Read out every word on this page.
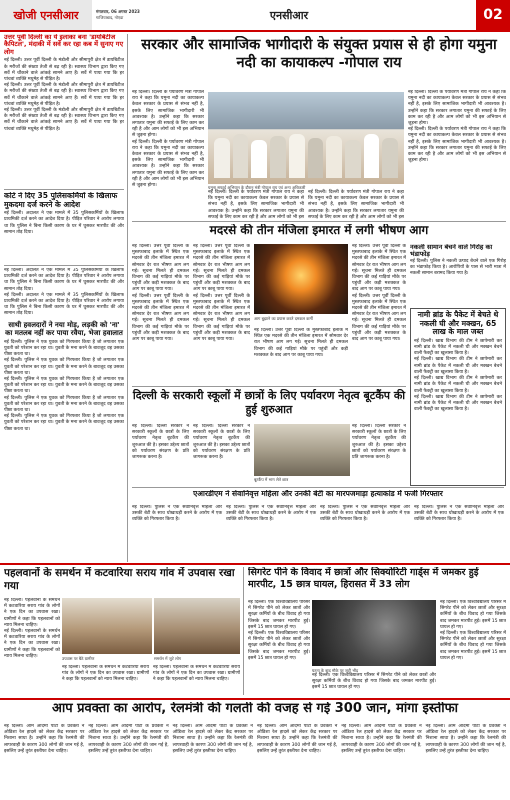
खोजी एनसीआर	मंगलवार, 06 अगस्त 2023
गाजियाबाद, नोएडा	एनसीआर	02
उत्तर पूर्वी दिल्ली का ये इलाका बना 'डायबिटीज कैपिटल', मंदाकी में सर्वे कर रहा कब में सुनाए गए लोग
नई दिल्ली। उत्तर पूर्वी दिल्ली के मंडोली और सीमापुरी क्षेत्र में डायबिटीज के मरीजों की संख्या तेजी से बढ़ रही है। स्वास्थ्य विभाग द्वारा किए गए सर्वे में चौंकाने वाले आंकड़े सामने आए हैं। सर्वे में पाया गया कि हर पांचवां व्यक्ति मधुमेह से पीड़ित है।
नई दिल्ली। उत्तर पूर्वी दिल्ली के मंडोली और सीमापुरी क्षेत्र में डायबिटीज के मरीजों की संख्या तेजी से बढ़ रही है। स्वास्थ्य विभाग द्वारा किए गए सर्वे में चौंकाने वाले आंकड़े सामने आए हैं। सर्वे में पाया गया कि हर पांचवां व्यक्ति मधुमेह से पीड़ित है।
नई दिल्ली। उत्तर पूर्वी दिल्ली के मंडोली और सीमापुरी क्षेत्र में डायबिटीज के मरीजों की संख्या तेजी से बढ़ रही है। स्वास्थ्य विभाग द्वारा किए गए सर्वे में चौंकाने वाले आंकड़े सामने आए हैं। सर्वे में पाया गया कि हर पांचवां व्यक्ति मधुमेह से पीड़ित है।
कोर्ट ने दिए 35 पुलिसकर्मियों के खिलाफ मुकदमा दर्ज करने के आदेश
नई दिल्ली। अदालत ने एक मामले में 35 पुलिसकर्मियों के खिलाफ प्राथमिकी दर्ज करने का आदेश दिया है। पीड़ित परिवार ने आरोप लगाया था कि पुलिस ने बिना किसी कारण के घर में घुसकर मारपीट की और सामान तोड़ दिया।
नई दिल्ली। अदालत ने एक मामले में 35 पुलिसकर्मियों के खिलाफ प्राथमिकी दर्ज करने का आदेश दिया है। पीड़ित परिवार ने आरोप लगाया था कि पुलिस ने बिना किसी कारण के घर में घुसकर मारपीट की और सामान तोड़ दिया।
नई दिल्ली। अदालत ने एक मामले में 35 पुलिसकर्मियों के खिलाफ प्राथमिकी दर्ज करने का आदेश दिया है। पीड़ित परिवार ने आरोप लगाया था कि पुलिस ने बिना किसी कारण के घर में घुसकर मारपीट की और सामान तोड़ दिया।
साथी हवलदारों ने नया मोड़, लड़की को 'ना' का मतलब नहीं कर पाया रवैया, भेजा हवालात
नई दिल्ली। पुलिस ने एक युवक को गिरफ्तार किया है जो लगातार एक युवती को परेशान कर रहा था। युवती के मना करने के बावजूद वह उसका पीछा करता था।
नई दिल्ली। पुलिस ने एक युवक को गिरफ्तार किया है जो लगातार एक युवती को परेशान कर रहा था। युवती के मना करने के बावजूद वह उसका पीछा करता था।
नई दिल्ली। पुलिस ने एक युवक को गिरफ्तार किया है जो लगातार एक युवती को परेशान कर रहा था। युवती के मना करने के बावजूद वह उसका पीछा करता था।
नई दिल्ली। पुलिस ने एक युवक को गिरफ्तार किया है जो लगातार एक युवती को परेशान कर रहा था। युवती के मना करने के बावजूद वह उसका पीछा करता था।
नई दिल्ली। पुलिस ने एक युवक को गिरफ्तार किया है जो लगातार एक युवती को परेशान कर रहा था। युवती के मना करने के बावजूद वह उसका पीछा करता था।
सरकार और सामाजिक भागीदारी के संयुक्त प्रयास से ही होगा यमुना नदी का कायाकल्प -गोपाल राय
नई दिल्ली। दिल्ली के पर्यावरण मंत्री गोपाल राय ने कहा कि यमुना नदी का कायाकल्प केवल सरकार के प्रयास से संभव नहीं है, इसके लिए सामाजिक भागीदारी भी आवश्यक है। उन्होंने कहा कि सरकार लगातार यमुना की सफाई के लिए काम कर रही है और आम लोगों को भी इस अभियान से जुड़ना होगा।
नई दिल्ली। दिल्ली के पर्यावरण मंत्री गोपाल राय ने कहा कि यमुना नदी का कायाकल्प केवल सरकार के प्रयास से संभव नहीं है, इसके लिए सामाजिक भागीदारी भी आवश्यक है। उन्होंने कहा कि सरकार लगातार यमुना की सफाई के लिए काम कर रही है और आम लोगों को भी इस अभियान से जुड़ना होगा।	यमुना सफाई अभियान के दौरान मंत्री गोपाल राय एवं अन्य अधिकारी
नई दिल्ली। दिल्ली के पर्यावरण मंत्री गोपाल राय ने कहा कि यमुना नदी का कायाकल्प केवल सरकार के प्रयास से संभव नहीं है, इसके लिए सामाजिक भागीदारी भी आवश्यक है। उन्होंने कहा कि सरकार लगातार यमुना की सफाई के लिए काम कर रही है और आम लोगों को भी इस
नई दिल्ली। दिल्ली के पर्यावरण मंत्री गोपाल राय ने कहा कि यमुना नदी का कायाकल्प केवल सरकार के प्रयास से संभव नहीं है, इसके लिए सामाजिक भागीदारी भी आवश्यक है। उन्होंने कहा कि सरकार लगातार यमुना की सफाई के लिए काम कर रही है और आम लोगों को भी इस
नई दिल्ली। दिल्ली के पर्यावरण मंत्री गोपाल राय ने कहा कि यमुना नदी का कायाकल्प केवल सरकार के प्रयास से संभव नहीं है, इसके लिए सामाजिक भागीदारी भी आवश्यक है। उन्होंने कहा कि सरकार लगातार यमुना की सफाई के लिए काम कर रही है और आम लोगों को भी इस अभियान से जुड़ना होगा।
नई दिल्ली। दिल्ली के पर्यावरण मंत्री गोपाल राय ने कहा कि यमुना नदी का कायाकल्प केवल सरकार के प्रयास से संभव नहीं है, इसके लिए सामाजिक भागीदारी भी आवश्यक है। उन्होंने कहा कि सरकार लगातार यमुना की सफाई के लिए काम कर रही है और आम लोगों को भी इस अभियान से जुड़ना होगा।
मदरसे की तीन मंजिला इमारत में लगी भीषण आग
नई दिल्ली। उत्तर पूर्वी दिल्ली के मुस्तफाबाद इलाके में स्थित एक मदरसे की तीन मंजिला इमारत में सोमवार देर रात भीषण आग लग गई। सूचना मिलते ही दमकल विभाग की कई गाड़ियां मौके पर पहुंचीं और कड़ी मशक्कत के बाद आग पर काबू पाया गया।
नई दिल्ली। उत्तर पूर्वी दिल्ली के मुस्तफाबाद इलाके में स्थित एक मदरसे की तीन मंजिला इमारत में सोमवार देर रात भीषण आग लग गई। सूचना मिलते ही दमकल विभाग की कई गाड़ियां मौके पर पहुंचीं और कड़ी मशक्कत के बाद आग पर काबू पाया गया।
नई दिल्ली। उत्तर पूर्वी दिल्ली के मुस्तफाबाद इलाके में स्थित एक मदरसे की तीन मंजिला इमारत में सोमवार देर रात भीषण आग लग गई। सूचना मिलते ही दमकल विभाग की कई गाड़ियां मौके पर पहुंचीं और कड़ी मशक्कत के बाद आग पर काबू पाया गया।
नई दिल्ली। उत्तर पूर्वी दिल्ली के मुस्तफाबाद इलाके में स्थित एक मदरसे की तीन मंजिला इमारत में सोमवार देर रात भीषण आग लग गई। सूचना मिलते ही दमकल विभाग की कई गाड़ियां मौके पर पहुंचीं और कड़ी मशक्कत के बाद आग पर काबू पाया गया।
आग बुझाने का प्रयास करते दमकल कर्मी
नई दिल्ली। उत्तर पूर्वी दिल्ली के मुस्तफाबाद इलाके में स्थित एक मदरसे की तीन मंजिला इमारत में सोमवार देर रात भीषण आग लग गई। सूचना मिलते ही दमकल विभाग की कई गाड़ियां मौके पर पहुंचीं और कड़ी मशक्कत के बाद आग पर काबू पाया गया।
नई दिल्ली। उत्तर पूर्वी दिल्ली के मुस्तफाबाद इलाके में स्थित एक मदरसे की तीन मंजिला इमारत में सोमवार देर रात भीषण आग लग गई। सूचना मिलते ही दमकल विभाग की कई गाड़ियां मौके पर पहुंचीं और कड़ी मशक्कत के बाद आग पर काबू पाया गया।
नई दिल्ली। उत्तर पूर्वी दिल्ली के मुस्तफाबाद इलाके में स्थित एक मदरसे की तीन मंजिला इमारत में सोमवार देर रात भीषण आग लग गई। सूचना मिलते ही दमकल विभाग की कई गाड़ियां मौके पर पहुंचीं और कड़ी मशक्कत के बाद आग पर काबू पाया गया।
नकली सामान बेचने वाले गिरोह का भंडाफोड़
नई दिल्ली। पुलिस ने नकली उत्पाद बेचने वाले एक गिरोह का भंडाफोड़ किया है। आरोपियों के पास से भारी मात्रा में नकली सामान बरामद किया गया है।
नामी ब्रांड के पैकेट में बेचते थे नकली घी और मक्खन, 65 लाख के माल जब्त
नई दिल्ली। खाद्य विभाग की टीम ने छापेमारी कर नामी ब्रांड के पैकेट में नकली घी और मक्खन बेचने वाली फैक्ट्री का खुलासा किया है।
नई दिल्ली। खाद्य विभाग की टीम ने छापेमारी कर नामी ब्रांड के पैकेट में नकली घी और मक्खन बेचने वाली फैक्ट्री का खुलासा किया है।
नई दिल्ली। खाद्य विभाग की टीम ने छापेमारी कर नामी ब्रांड के पैकेट में नकली घी और मक्खन बेचने वाली फैक्ट्री का खुलासा किया है।
नई दिल्ली। खाद्य विभाग की टीम ने छापेमारी कर नामी ब्रांड के पैकेट में नकली घी और मक्खन बेचने वाली फैक्ट्री का खुलासा किया है।
दिल्ली के सरकारी स्कूलों में छात्रों के लिए पर्यावरण नेतृत्व बूटकैंप की हुई शुरुआत
नई दिल्ली। दिल्ली सरकार ने सरकारी स्कूलों के छात्रों के लिए पर्यावरण नेतृत्व बूटकैंप की शुरुआत की है। इसका उद्देश्य छात्रों को पर्यावरण संरक्षण के प्रति जागरूक करना है।
नई दिल्ली। दिल्ली सरकार ने सरकारी स्कूलों के छात्रों के लिए पर्यावरण नेतृत्व बूटकैंप की शुरुआत की है। इसका उद्देश्य छात्रों को पर्यावरण संरक्षण के प्रति जागरूक करना है।
बूटकैंप में भाग लेते छात्र
नई दिल्ली। दिल्ली सरकार ने सरकारी स्कूलों के छात्रों के लिए पर्यावरण नेतृत्व बूटकैंप की शुरुआत की है। इसका उद्देश्य छात्रों को पर्यावरण संरक्षण के प्रति जागरूक करना है।
एआरडीएम ने सेवानिवृत्त महिला और उनकी बेटी का मारपजमाड़ा हत्याकांड में फर्जी गिरफ्तार
नई दिल्ली। पुलिस ने एक सेवानिवृत्त महिला और उसकी बेटी के साथ धोखाधड़ी करने के आरोप में एक व्यक्ति को गिरफ्तार किया है।
नई दिल्ली। पुलिस ने एक सेवानिवृत्त महिला और उसकी बेटी के साथ धोखाधड़ी करने के आरोप में एक व्यक्ति को गिरफ्तार किया है।
नई दिल्ली। पुलिस ने एक सेवानिवृत्त महिला और उसकी बेटी के साथ धोखाधड़ी करने के आरोप में एक व्यक्ति को गिरफ्तार किया है।
नई दिल्ली। पुलिस ने एक सेवानिवृत्त महिला और उसकी बेटी के साथ धोखाधड़ी करने के आरोप में एक व्यक्ति को गिरफ्तार किया है।
पहलवानों के समर्थन में कटवारिया सराय गांव में उपवास रखा गया
नई दिल्ली। पहलवानों के समर्थन में कटवारिया सराय गांव के लोगों ने एक दिन का उपवास रखा। ग्रामीणों ने कहा कि पहलवानों को न्याय मिलना चाहिए।
नई दिल्ली। पहलवानों के समर्थन में कटवारिया सराय गांव के लोगों ने एक दिन का उपवास रखा। ग्रामीणों ने कहा कि पहलवानों को न्याय मिलना चाहिए।	उपवास पर बैठे ग्रामीण	समर्थन में जुटे लोग
नई दिल्ली। पहलवानों के समर्थन में कटवारिया सराय गांव के लोगों ने एक दिन का उपवास रखा। ग्रामीणों ने कहा कि पहलवानों को न्याय मिलना चाहिए।
नई दिल्ली। पहलवानों के समर्थन में कटवारिया सराय गांव के लोगों ने एक दिन का उपवास रखा। ग्रामीणों ने कहा कि पहलवानों को न्याय मिलना चाहिए।
सिगरेट पीने के विवाद में छात्रों और सिक्योरिटी गार्ड्स में जमकर हुई मारपीट, 15 छात्र घायल, हिरासत में 33 लोग
नई दिल्ली। एक विश्वविद्यालय परिसर में सिगरेट पीने को लेकर छात्रों और सुरक्षा कर्मियों के बीच विवाद हो गया जिसके बाद जमकर मारपीट हुई। इसमें 15 छात्र घायल हो गए।
नई दिल्ली। एक विश्वविद्यालय परिसर में सिगरेट पीने को लेकर छात्रों और सुरक्षा कर्मियों के बीच विवाद हो गया जिसके बाद जमकर मारपीट हुई। इसमें 15 छात्र घायल हो गए।
घटना के बाद मौके पर जुटी भीड़
नई दिल्ली। एक विश्वविद्यालय परिसर में सिगरेट पीने को लेकर छात्रों और सुरक्षा कर्मियों के बीच विवाद हो गया जिसके बाद जमकर मारपीट हुई। इसमें 15 छात्र घायल हो गए।
नई दिल्ली। एक विश्वविद्यालय परिसर में सिगरेट पीने को लेकर छात्रों और सुरक्षा कर्मियों के बीच विवाद हो गया जिसके बाद जमकर मारपीट हुई। इसमें 15 छात्र घायल हो गए।
नई दिल्ली। एक विश्वविद्यालय परिसर में सिगरेट पीने को लेकर छात्रों और सुरक्षा कर्मियों के बीच विवाद हो गया जिसके बाद जमकर मारपीट हुई। इसमें 15 छात्र घायल हो गए।
आप प्रवक्ता का आरोप, रेलमंत्री की गलती की वजह से गई 300 जान, मांगा इस्तीफा
नई दिल्ली। आम आदमी पार्टी के प्रवक्ता ने ओडिशा रेल हादसे को लेकर केंद्र सरकार पर निशाना साधा है। उन्होंने कहा कि रेलमंत्री की लापरवाही के कारण 300 लोगों की जान गई है, इसलिए उन्हें तुरंत इस्तीफा देना चाहिए।
नई दिल्ली। आम आदमी पार्टी के प्रवक्ता ने ओडिशा रेल हादसे को लेकर केंद्र सरकार पर निशाना साधा है। उन्होंने कहा कि रेलमंत्री की लापरवाही के कारण 300 लोगों की जान गई है, इसलिए उन्हें तुरंत इस्तीफा देना चाहिए।
नई दिल्ली। आम आदमी पार्टी के प्रवक्ता ने ओडिशा रेल हादसे को लेकर केंद्र सरकार पर निशाना साधा है। उन्होंने कहा कि रेलमंत्री की लापरवाही के कारण 300 लोगों की जान गई है, इसलिए उन्हें तुरंत इस्तीफा देना चाहिए।
नई दिल्ली। आम आदमी पार्टी के प्रवक्ता ने ओडिशा रेल हादसे को लेकर केंद्र सरकार पर निशाना साधा है। उन्होंने कहा कि रेलमंत्री की लापरवाही के कारण 300 लोगों की जान गई है, इसलिए उन्हें तुरंत इस्तीफा देना चाहिए।
नई दिल्ली। आम आदमी पार्टी के प्रवक्ता ने ओडिशा रेल हादसे को लेकर केंद्र सरकार पर निशाना साधा है। उन्होंने कहा कि रेलमंत्री की लापरवाही के कारण 300 लोगों की जान गई है, इसलिए उन्हें तुरंत इस्तीफा देना चाहिए।
नई दिल्ली। आम आदमी पार्टी के प्रवक्ता ने ओडिशा रेल हादसे को लेकर केंद्र सरकार पर निशाना साधा है। उन्होंने कहा कि रेलमंत्री की लापरवाही के कारण 300 लोगों की जान गई है, इसलिए उन्हें तुरंत इस्तीफा देना चाहिए।
